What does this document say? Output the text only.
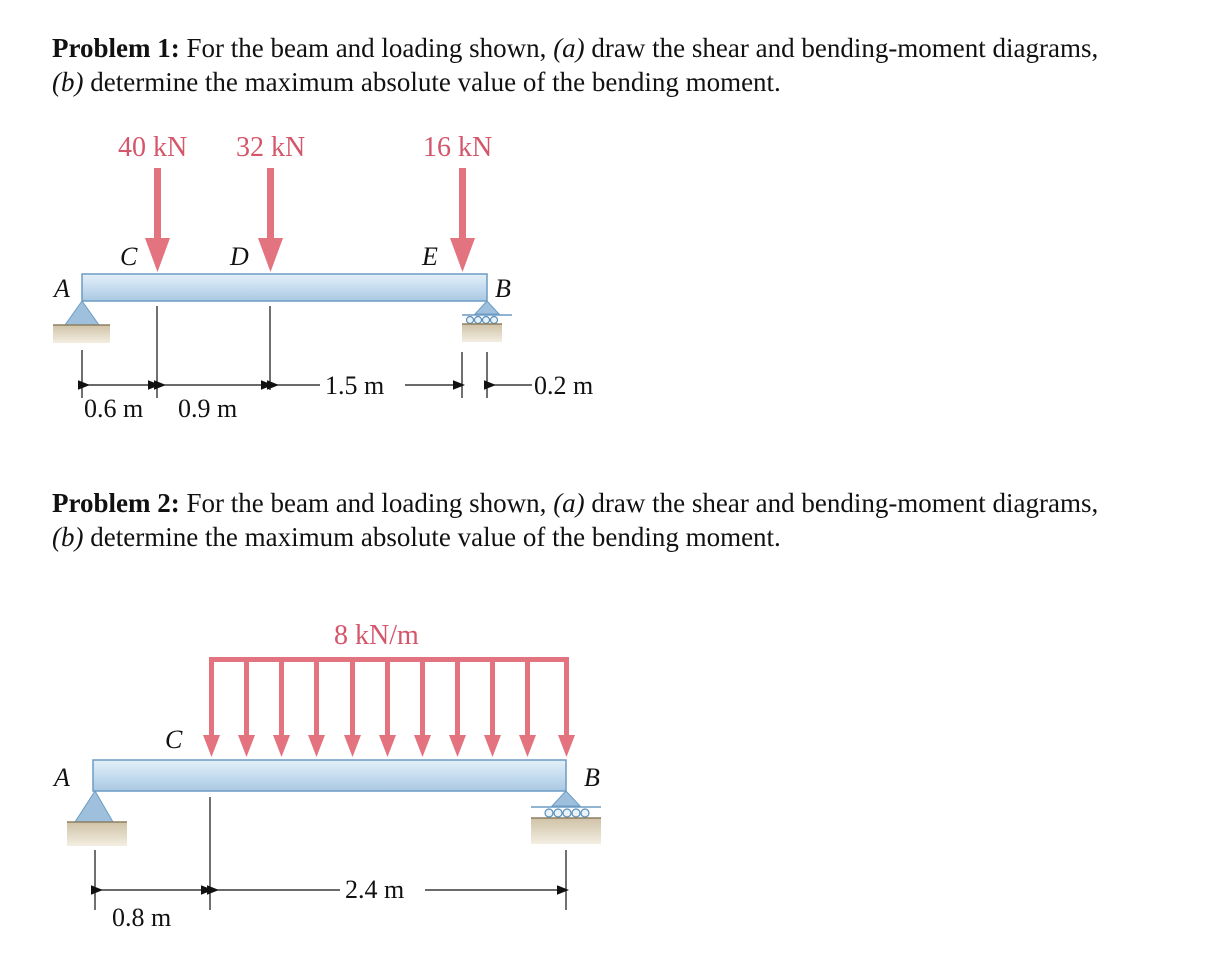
Problem 1: For the beam and loading shown, (a) draw the shear and bending-moment diagrams,
(b) determine the maximum absolute value of the bending moment.
Problem 2: For the beam and loading shown, (a) draw the shear and bending-moment diagrams,
(b) determine the maximum absolute value of the bending moment.
40 kN 32 kN	16 kN
C	D	E
A	B
0.6 m 0.9 m
1.5 m	0.2 m
8 kN/m
C
A	B
0.8 m
2.4 m
